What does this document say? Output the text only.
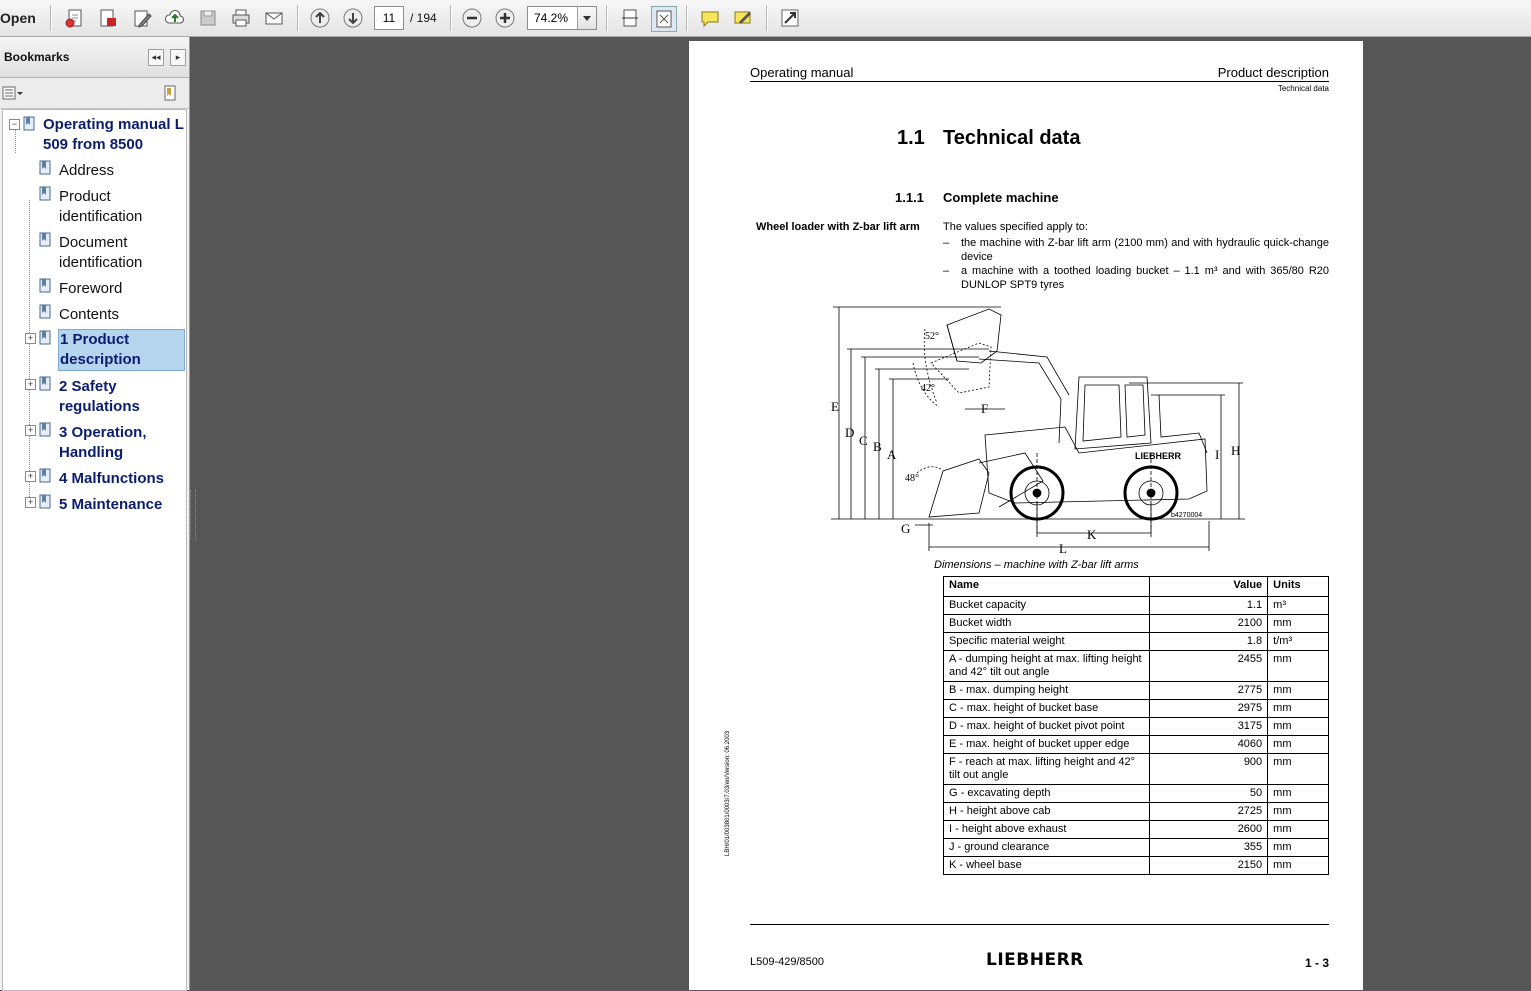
Open	11	/ 194	74.2%
Bookmarks	◂◂	▸
− Operating manual L
509 from 8500
Address
Product
identification
Document
identification
Foreword
Contents
+ 1 Product
description
+ 2 Safety
regulations
+ 3 Operation,
Handling
+ 4 Malfunctions
+ 5 Maintenance
Operating manual	Product description
Technical data
1.1 Technical data
1.1.1 Complete machine
Wheel loader with Z-bar lift arm The values specified apply to:
– the machine with Z-bar lift arm (2100 mm) and with hydraulic quick-change device
– a machine with a toothed loading bucket – 1.1 m³ and with 365/80 R20 DUNLOP SPT9 tyres
E
D
C B
A
F
G	K
L
H
I
52°
42°
48°
b4270004
LIEBHERR
Dimensions – machine with Z-bar lift arms
Name	Value	Units
Bucket capacity	1.1	m³
Bucket width	2100	mm
Specific material weight	1.8	t/m³
A - dumping height at max. lifting height and 42° tilt out angle	2455	mm
B - max. dumping height	2775	mm
C - max. height of bucket base	2975	mm
D - max. height of bucket pivot point	3175	mm
E - max. height of bucket upper edge	4060	mm
F - reach at max. lifting height and 42° tilt out angle	900	mm
G - excavating depth	50	mm
H - height above cab	2725	mm
I - height above exhaust	2600	mm
J - ground clearance	355	mm
K - wheel base	2150	mm
LBH/01/003801/0003/7.03/en/Version: 06.2003
L509-429/8500	LIEBHERR	1 - 3
